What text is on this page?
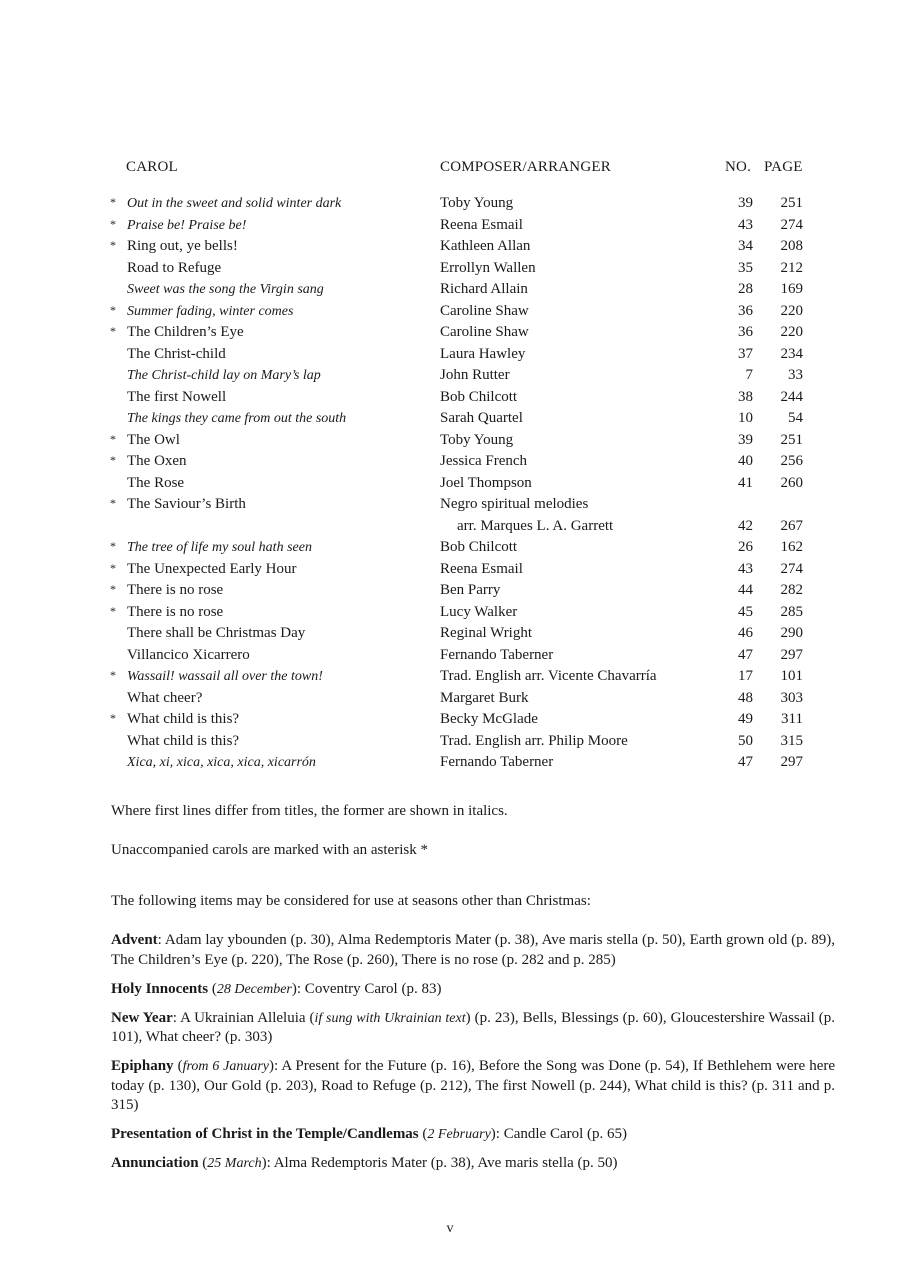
CAROL	COMPOSER/ARRANGER	NO. PAGE
* Out in the sweet and solid winter dark	Toby Young	39 251
* Praise be! Praise be!	Reena Esmail	43 274
* Ring out, ye bells!	Kathleen Allan	34 208
Road to Refuge	Errollyn Wallen	35 212
Sweet was the song the Virgin sang	Richard Allain	28 169
* Summer fading, winter comes	Caroline Shaw	36 220
* The Children’s Eye	Caroline Shaw	36 220
The Christ-child	Laura Hawley	37 234
The Christ-child lay on Mary’s lap	John Rutter	7 33
The first Nowell	Bob Chilcott	38 244
The kings they came from out the south	Sarah Quartel	10 54
* The Owl	Toby Young	39 251
* The Oxen	Jessica French	40 256
The Rose	Joel Thompson	41 260
* The Saviour’s Birth	Negro spiritual melodies
arr. Marques L. A. Garrett	42 267
* The tree of life my soul hath seen	Bob Chilcott	26 162
* The Unexpected Early Hour	Reena Esmail	43 274
* There is no rose	Ben Parry	44 282
* There is no rose	Lucy Walker	45 285
There shall be Christmas Day	Reginal Wright	46 290
Villancico Xicarrero	Fernando Taberner	47 297
* Wassail! wassail all over the town!	Trad. English arr. Vicente Chavarría	17 101
What cheer?	Margaret Burk	48 303
* What child is this?	Becky McGlade	49 311
What child is this?	Trad. English arr. Philip Moore	50 315
Xica, xi, xica, xica, xica, xicarrón	Fernando Taberner	47 297
Where first lines differ from titles, the former are shown in italics.
Unaccompanied carols are marked with an asterisk *
The following items may be considered for use at seasons other than Christmas:

Advent: Adam lay ybounden (p. 30), Alma Redemptoris Mater (p. 38), Ave maris stella (p. 50), Earth grown old (p. 89), The Children’s Eye (p. 220), The Rose (p. 260), There is no rose (p. 282 and p. 285)

Holy Innocents (28 December): Coventry Carol (p. 83)

New Year: A Ukrainian Alleluia (if sung with Ukrainian text) (p. 23), Bells, Blessings (p. 60), Gloucestershire Wassail (p. 101), What cheer? (p. 303)

Epiphany (from 6 January): A Present for the Future (p. 16), Before the Song was Done (p. 54), If Bethlehem were here today (p. 130), Our Gold (p. 203), Road to Refuge (p. 212), The first Nowell (p. 244), What child is this? (p. 311 and p. 315)

Presentation of Christ in the Temple/Candlemas (2 February): Candle Carol (p. 65)

Annunciation (25 March): Alma Redemptoris Mater (p. 38), Ave maris stella (p. 50)

v
